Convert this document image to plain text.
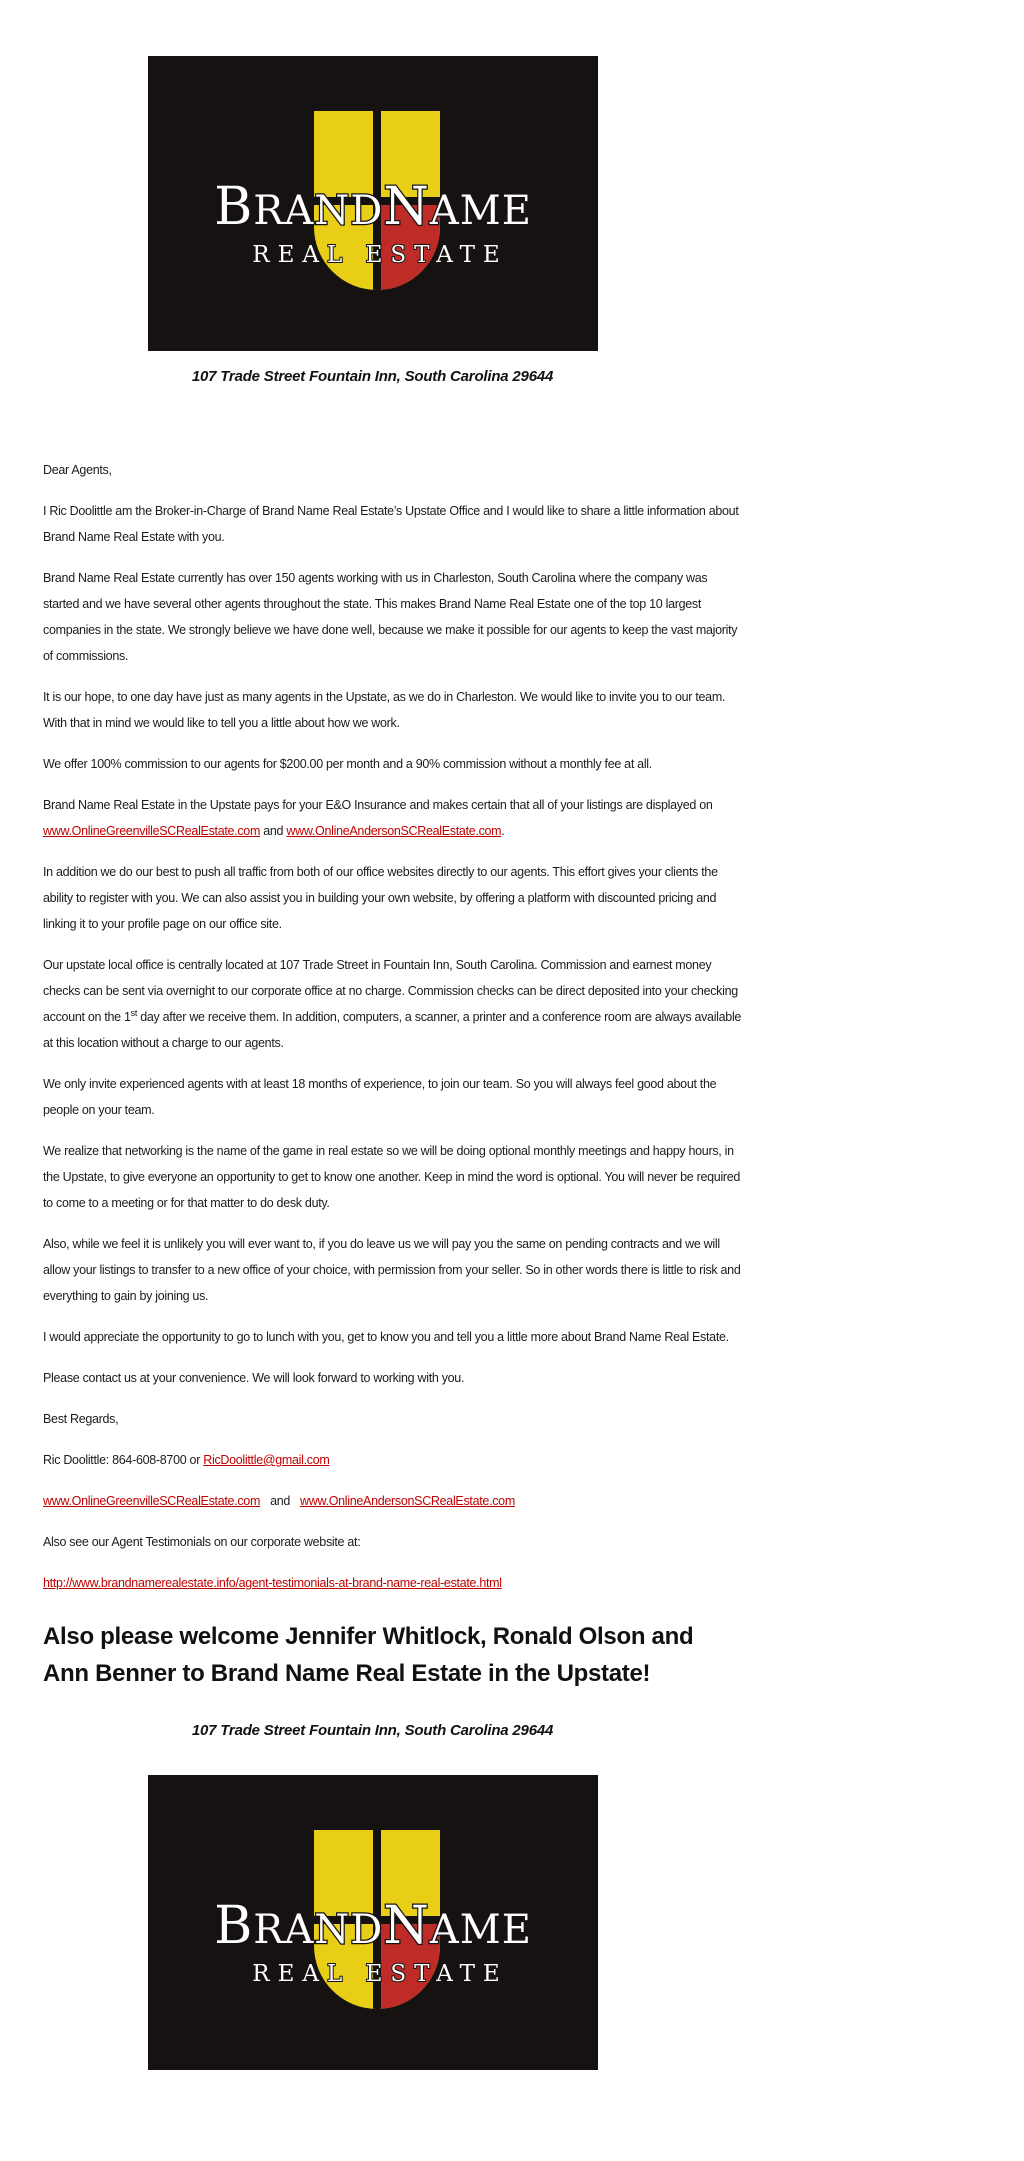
BRANDNAME
REAL ESTATE
107 Trade Street Fountain Inn, South Carolina 29644

Dear Agents,

I Ric Doolittle am the Broker-in-Charge of Brand Name Real Estate’s Upstate Office and I would like to share a little information about Brand Name Real Estate with you.

Brand Name Real Estate currently has over 150 agents working with us in Charleston, South Carolina where the company was started and we have several other agents throughout the state. This makes Brand Name Real Estate one of the top 10 largest companies in the state. We strongly believe we have done well, because we make it possible for our agents to keep the vast majority of commissions.

It is our hope, to one day have just as many agents in the Upstate, as we do in Charleston. We would like to invite you to our team. With that in mind we would like to tell you a little about how we work.

We offer 100% commission to our agents for $200.00 per month and a 90% commission without a monthly fee at all.

Brand Name Real Estate in the Upstate pays for your E&O Insurance and makes certain that all of your listings are displayed on www.OnlineGreenvilleSCRealEstate.com and www.OnlineAndersonSCRealEstate.com.

In addition we do our best to push all traffic from both of our office websites directly to our agents. This effort gives your clients the ability to register with you. We can also assist you in building your own website, by offering a platform with discounted pricing and linking it to your profile page on our office site.

Our upstate local office is centrally located at 107 Trade Street in Fountain Inn, South Carolina. Commission and earnest money checks can be sent via overnight to our corporate office at no charge. Commission checks can be direct deposited into your checking account on the 1st day after we receive them. In addition, computers, a scanner, a printer and a conference room are always available at this location without a charge to our agents.

We only invite experienced agents with at least 18 months of experience, to join our team. So you will always feel good about the people on your team.

We realize that networking is the name of the game in real estate so we will be doing optional monthly meetings and happy hours, in the Upstate, to give everyone an opportunity to get to know one another. Keep in mind the word is optional. You will never be required to come to a meeting or for that matter to do desk duty.

Also, while we feel it is unlikely you will ever want to, if you do leave us we will pay you the same on pending contracts and we will allow your listings to transfer to a new office of your choice, with permission from your seller. So in other words there is little to risk and everything to gain by joining us.

I would appreciate the opportunity to go to lunch with you, get to know you and tell you a little more about Brand Name Real Estate.

Please contact us at your convenience. We will look forward to working with you.

Best Regards,

Ric Doolittle: 864-608-8700 or RicDoolittle@gmail.com

www.OnlineGreenvilleSCRealEstate.com and www.OnlineAndersonSCRealEstate.com

Also see our Agent Testimonials on our corporate website at:

http://www.brandnamerealestate.info/agent-testimonials-at-brand-name-real-estate.html

Also please welcome Jennifer Whitlock, Ronald Olson and Ann Benner to Brand Name Real Estate in the Upstate!
107 Trade Street Fountain Inn, South Carolina 29644
BRANDNAME
REAL ESTATE
